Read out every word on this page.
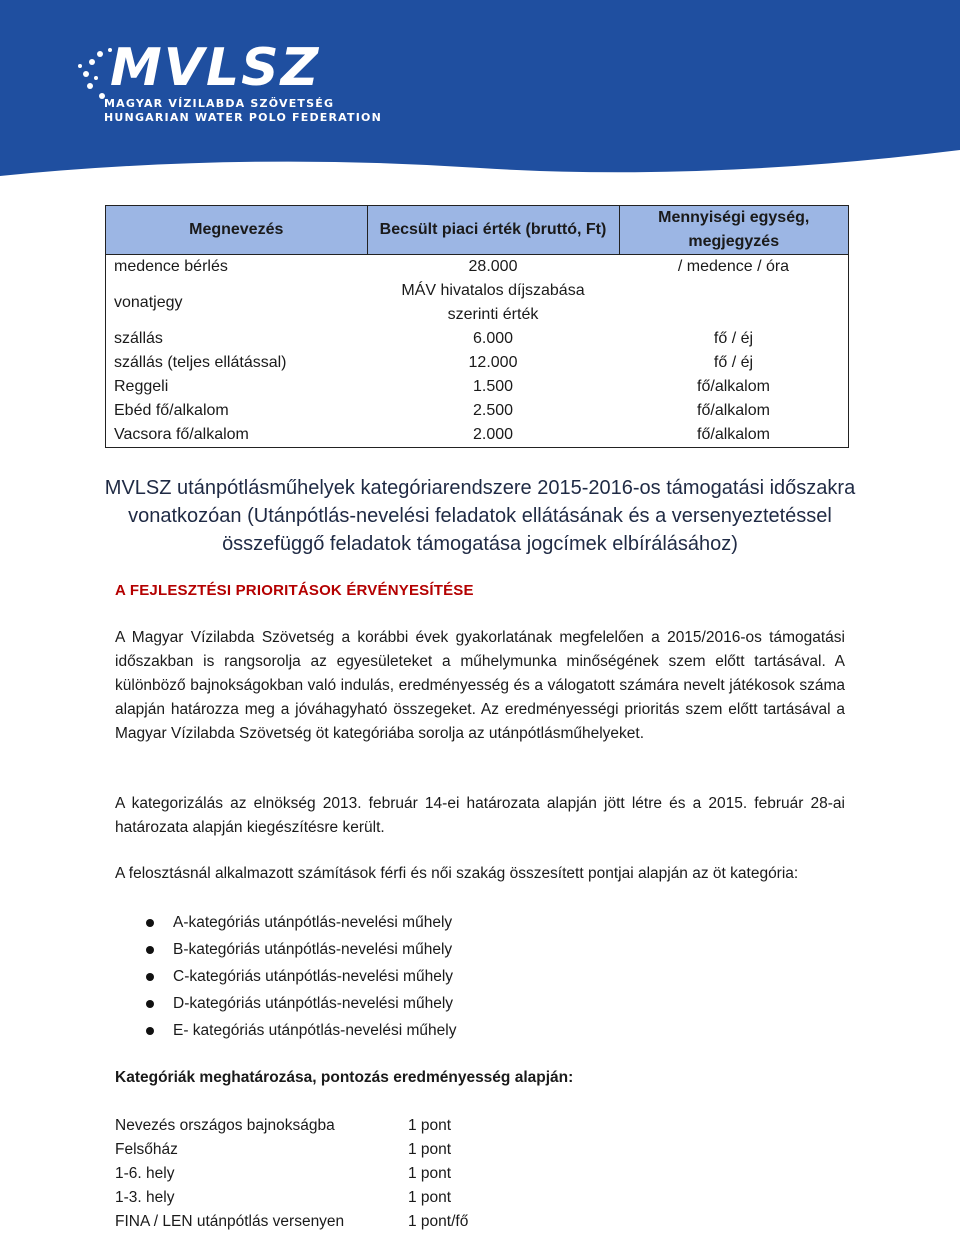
MVLSZ
MAGYAR VÍZILABDA SZÖVETSÉG
HUNGARIAN WATER POLO FEDERATION
Megnevezés	Becsült piaci érték (bruttó, Ft)	Mennyiségi egység, megjegyzés
medence bérlés	28.000	/ medence / óra
vonatjegy	MÁV hivatalos díjszabása szerinti érték	
szállás	6.000	fő / éj
szállás (teljes ellátással)	12.000	fő / éj
Reggeli	1.500	fő/alkalom
Ebéd fő/alkalom	2.500	fő/alkalom
Vacsora fő/alkalom	2.000	fő/alkalom
MVLSZ utánpótlásműhelyek kategóriarendszere 2015-2016-os támogatási időszakra vonatkozóan (Utánpótlás-nevelési feladatok ellátásának és a versenyeztetéssel összefüggő feladatok támogatása jogcímek elbírálásához)
A FEJLESZTÉSI PRIORITÁSOK ÉRVÉNYESÍTÉSE

A Magyar Vízilabda Szövetség a korábbi évek gyakorlatának megfelelően a 2015/2016-os támogatási időszakban is rangsorolja az egyesületeket a műhelymunka minőségének szem előtt tartásával. A különböző bajnokságokban való indulás, eredményesség és a válogatott számára nevelt játékosok száma alapján határozza meg a jóváhagyható összegeket. Az eredményességi prioritás szem előtt tartásával a Magyar Vízilabda Szövetség öt kategóriába sorolja az utánpótlásműhelyeket.

A kategorizálás az elnökség 2013. február 14-ei határozata alapján jött létre és a 2015. február 28-ai határozata alapján kiegészítésre került.

A felosztásnál alkalmazott számítások férfi és női szakág összesített pontjai alapján az öt kategória:

A-kategóriás utánpótlás-nevelési műhely
B-kategóriás utánpótlás-nevelési műhely
C-kategóriás utánpótlás-nevelési műhely
D-kategóriás utánpótlás-nevelési műhely
E- kategóriás utánpótlás-nevelési műhely
Kategóriák meghatározása, pontozás eredményesség alapján:
Nevezés országos bajnokságba	1 pont
Felsőház	1 pont
1-6. hely	1 pont
1-3. hely	1 pont
FINA / LEN utánpótlás versenyen	1 pont/fő
